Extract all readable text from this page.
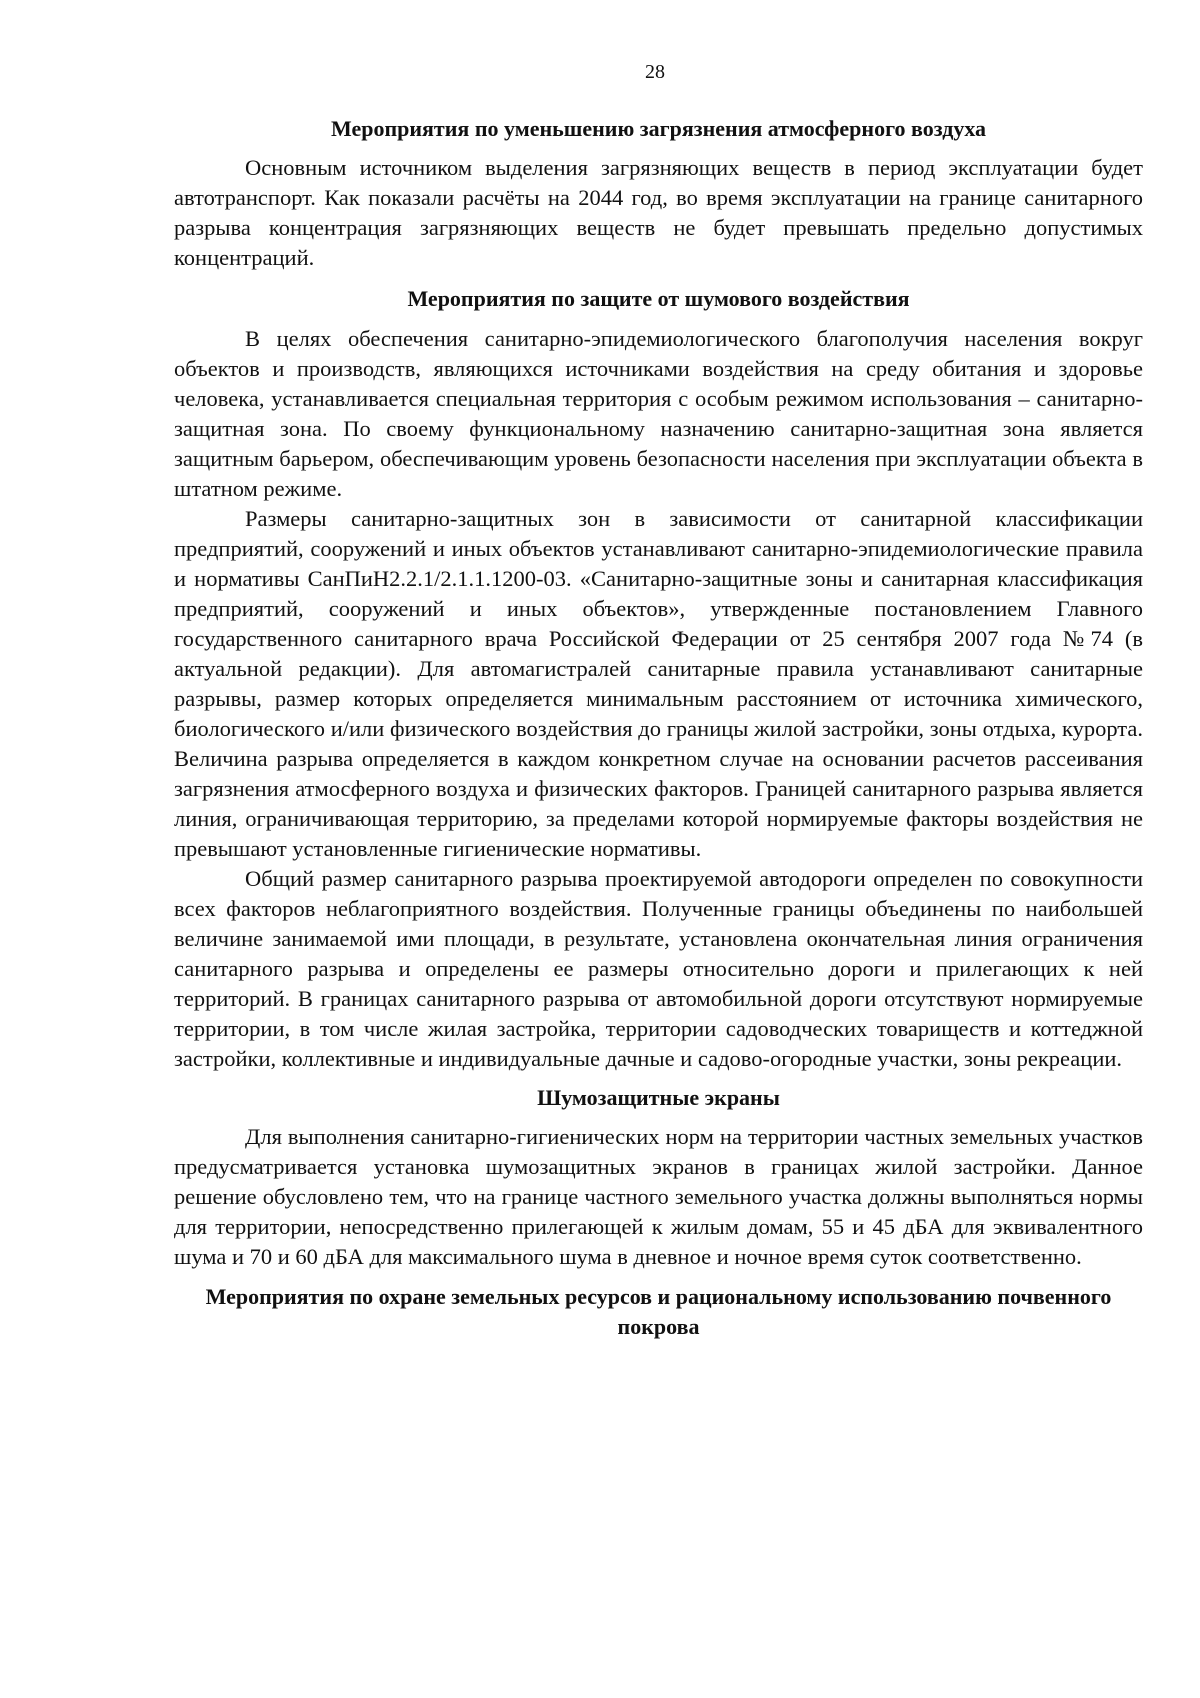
28
Мероприятия по уменьшению загрязнения атмосферного воздуха

Основным источником выделения загрязняющих веществ в период эксплуатации будет автотранспорт. Как показали расчёты на 2044 год, во время эксплуатации на границе санитарного разрыва концентрация загрязняющих веществ не будет превышать предельно допустимых концентраций.

Мероприятия по защите от шумового воздействия

В целях обеспечения санитарно-эпидемиологического благополучия населения вокруг объектов и производств, являющихся источниками воздействия на среду обитания и здоровье человека, устанавливается специальная территория с особым режимом использования – санитарно-защитная зона. По своему функциональному назначению санитарно-защитная зона является защитным барьером, обеспечивающим уровень безопасности населения при эксплуатации объекта в штатном режиме.

Размеры санитарно-защитных зон в зависимости от санитарной классификации предприятий, сооружений и иных объектов устанавливают санитарно-эпидемиологические правила и нормативы СанПиН2.2.1/2.1.1.1200-03. «Санитарно-защитные зоны и санитарная классификация предприятий, сооружений и иных объектов», утвержденные постановлением Главного государственного санитарного врача Российской Федерации от 25 сентября 2007 года №74 (в актуальной редакции). Для автомагистралей санитарные правила устанавливают санитарные разрывы, размер которых определяется минимальным расстоянием от источника химического, биологического и/или физического воздействия до границы жилой застройки, зоны отдыха, курорта. Величина разрыва определяется в каждом конкретном случае на основании расчетов рассеивания загрязнения атмосферного воздуха и физических факторов. Границей санитарного разрыва является линия, ограничивающая территорию, за пределами которой нормируемые факторы воздействия не превышают установленные гигиенические нормативы.

Общий размер санитарного разрыва проектируемой автодороги определен по совокупности всех факторов неблагоприятного воздействия. Полученные границы объединены по наибольшей величине занимаемой ими площади, в результате, установлена окончательная линия ограничения санитарного разрыва и определены ее размеры относительно дороги и прилегающих к ней территорий. В границах санитарного разрыва от автомобильной дороги отсутствуют нормируемые территории, в том числе жилая застройка, территории садоводческих товариществ и коттеджной застройки, коллективные и индивидуальные дачные и садово-огородные участки, зоны рекреации.

Шумозащитные экраны

Для выполнения санитарно-гигиенических норм на территории частных земельных участков предусматривается установка шумозащитных экранов в границах жилой застройки. Данное решение обусловлено тем, что на границе частного земельного участка должны выполняться нормы для территории, непосредственно прилегающей к жилым домам, 55 и 45 дБА для эквивалентного шума и 70 и 60 дБА для максимального шума в дневное и ночное время суток соответственно.

Мероприятия по охране земельных ресурсов и рациональному использованию почвенного покрова
